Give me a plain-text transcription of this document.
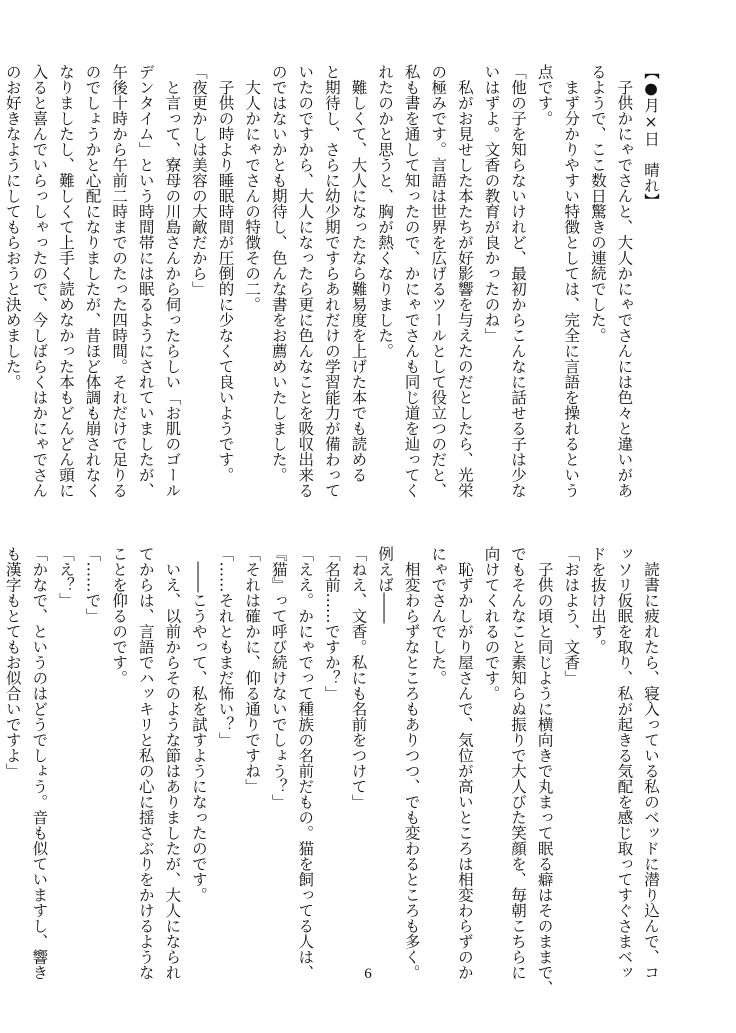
【●月×日　晴れ】

　子供かにゃでさんと、大人かにゃでさんには色々と違いがあ

るようで、ここ数日驚きの連続でした。

　まず分かりやすい特徴としては、完全に言語を操れるという

点です。

「他の子を知らないけれど、最初からこんなに話せる子は少な

いはずよ。文香の教育が良かったのね」

　私がお見せした本たちが好影響を与えたのだとしたら、光栄

の極みです。言語は世界を広げるツールとして役立つのだと、

私も書を通して知ったので、かにゃでさんも同じ道を辿ってく

れたのかと思うと、胸が熱くなりました。

　難しくて、大人になったなら難易度を上げた本でも読める

と期待し、さらに幼少期ですらあれだけの学習能力が備わって

いたのですから、大人になったら更に色んなことを吸収出来る

のではないかとも期待し、色んな書をお薦めいたしました。

　大人かにゃでさんの特徴その二。

　子供の時より睡眠時間が圧倒的に少なくて良いようです。

「夜更かしは美容の大敵だから」

　と言って、寮母の川島さんから伺ったらしい「お肌のゴール

デンタイム」という時間帯には眠るようにされていましたが、

午後十時から午前二時までのたった四時間。それだけで足りる

のでしょうかと心配になりましたが、昔ほど体調も崩されなく

なりましたし、難しくて上手く読めなかった本もどんどん頭に

入ると喜んでいらっしゃったので、今しばらくはかにゃでさん

のお好きなようにしてもらおうと決めました。

　読書に疲れたら、寝入っている私のベッドに潜り込んで、コ

ッソリ仮眠を取り、私が起きる気配を感じ取ってすぐさまベッ

ドを抜け出す。

「おはよう、文香」

　子供の頃と同じように横向きで丸まって眠る癖はそのままで、

でもそんなこと素知らぬ振りで大人びた笑顔を、毎朝こちらに

向けてくれるのです。

　恥ずかしがり屋さんで、気位が高いところは相変わらずのか

にゃでさんでした。

　相変わらずなところもありつつ、でも変わるところも多く。

例えば――

「ねえ、文香。私にも名前をつけて」

「名前……ですか？」

「ええ。かにゃでって種族の名前だもの。猫を飼ってる人は、

『猫』って呼び続けないでしょう？」

「それは確かに、仰る通りですね」

「……それともまだ怖い？」

　――こうやって、私を試すようになったのです。

　いえ、以前からそのような節はありましたが、大人になられ

てからは、言語でハッキリと私の心に揺さぶりをかけるような

ことを仰るのです。

「……で」

「え？」

「かなで、というのはどうでしょう。音も似ていますし、響き

も漢字もとてもお似合いですよ」

6
